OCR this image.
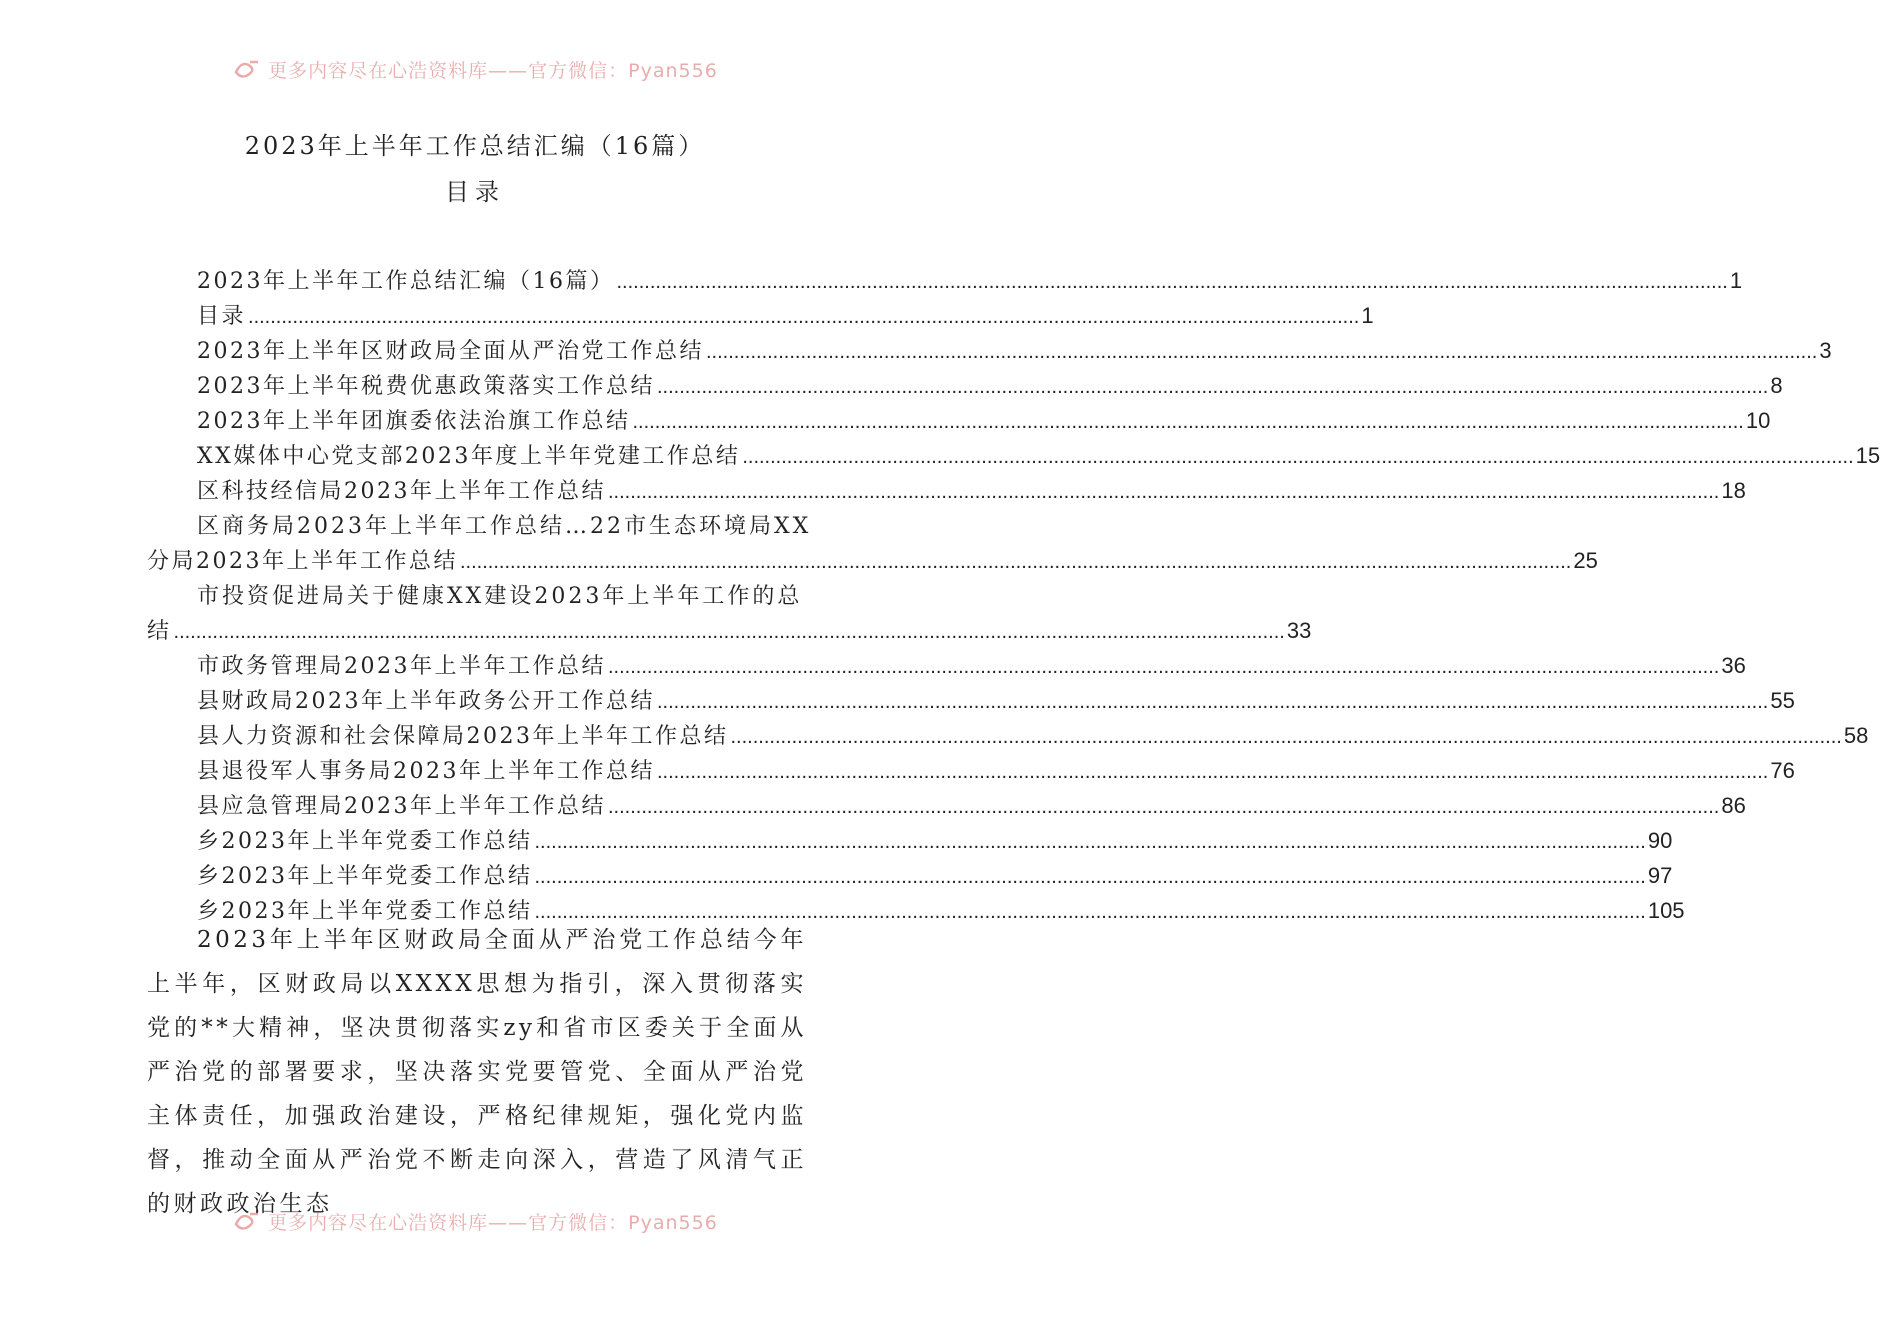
更多内容尽在心浩资料库——官方微信：Pyan556
2023年上半年工作总结汇编（16篇）
目录
2023年上半年工作总结汇编（16篇） ........................................................................................................................................................................................................ 1
目录 ........................................................................................................................................................................................................ 1
2023年上半年区财政局全面从严治党工作总结 ........................................................................................................................................................................................................ 3
2023年上半年税费优惠政策落实工作总结 ........................................................................................................................................................................................................ 8
2023年上半年团旗委依法治旗工作总结 ........................................................................................................................................................................................................ 10
XX媒体中心党支部2023年度上半年党建工作总结 ........................................................................................................................................................................................................ 15
区科技经信局2023年上半年工作总结 ........................................................................................................................................................................................................ 18
区商务局2023年上半年工作总结…22市生态环境局XX
分局2023年上半年工作总结 ........................................................................................................................................................................................................ 25
市投资促进局关于健康XX建设2023年上半年工作的总
结 ........................................................................................................................................................................................................ 33
市政务管理局2023年上半年工作总结 ........................................................................................................................................................................................................ 36
县财政局2023年上半年政务公开工作总结 ........................................................................................................................................................................................................ 55
县人力资源和社会保障局2023年上半年工作总结 ........................................................................................................................................................................................................ 58
县退役军人事务局2023年上半年工作总结 ........................................................................................................................................................................................................ 76
县应急管理局2023年上半年工作总结 ........................................................................................................................................................................................................ 86
乡2023年上半年党委工作总结 ........................................................................................................................................................................................................ 90
乡2023年上半年党委工作总结 ........................................................................................................................................................................................................ 97
乡2023年上半年党委工作总结 ........................................................................................................................................................................................................ 105
2023年上半年区财政局全面从严治党工作总结今年上半年，区财政局以XXXX思想为指引，深入贯彻落实党的**大精神，坚决贯彻落实zy和省市区委关于全面从严治党的部署要求，坚决落实党要管党、全面从严治党主体责任，加强政治建设，严格纪律规矩，强化党内监督，推动全面从严治党不断走向深入，营造了风清气正的财政政治生态
更多内容尽在心浩资料库——官方微信：Pyan556
